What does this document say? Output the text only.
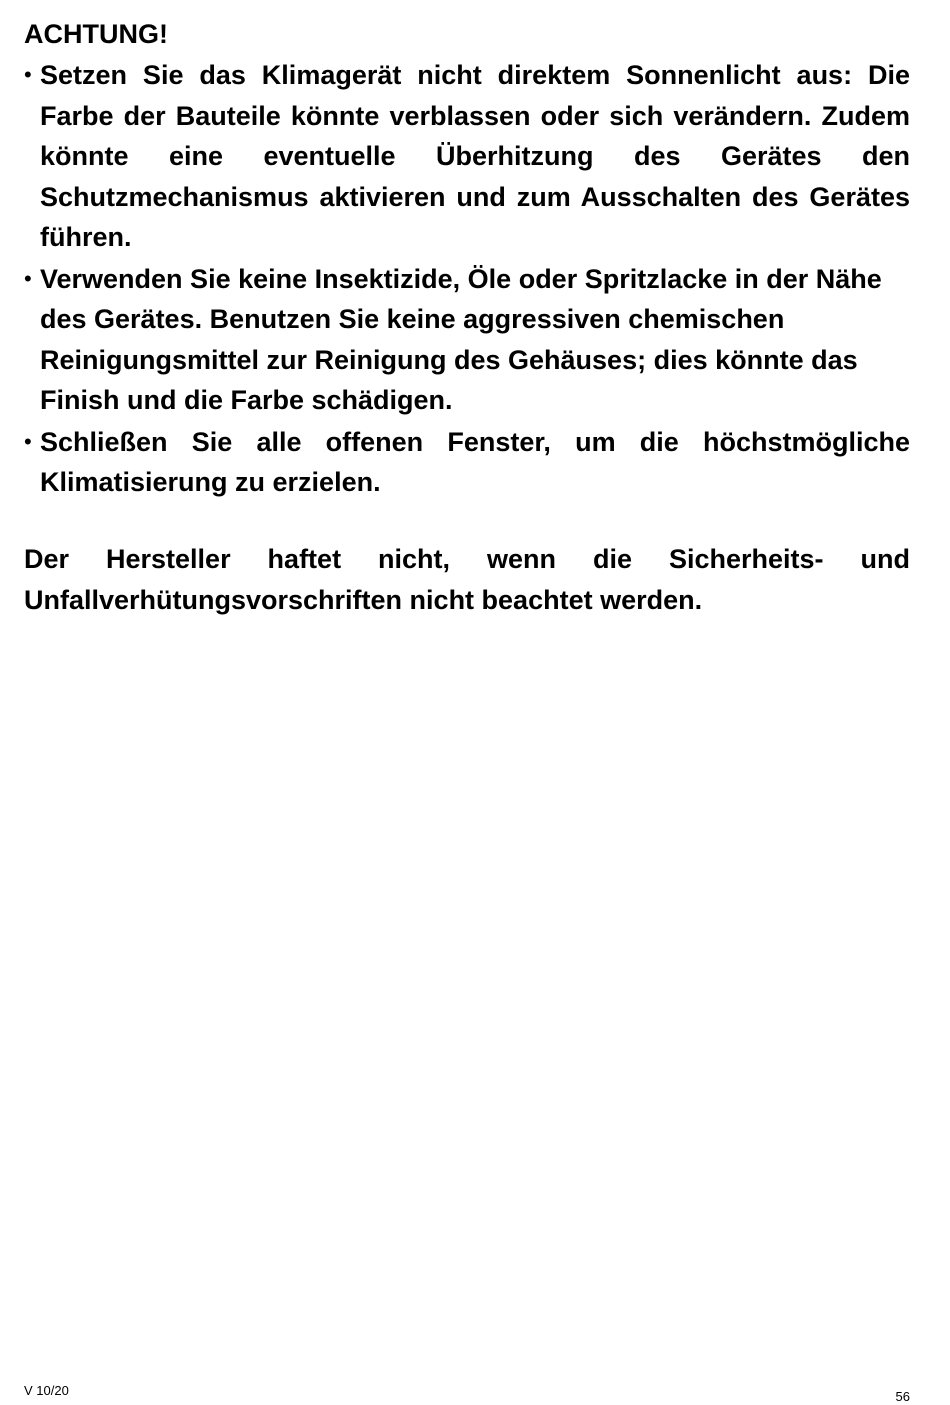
ACHTUNG!
• Setzen Sie das Klimagerät nicht direktem Sonnenlicht aus: Die Farbe der Bauteile könnte verblassen oder sich verändern. Zudem könnte eine eventuelle Überhitzung des Gerätes den Schutzmechanismus aktivieren und zum Ausschalten des Gerätes führen.
• Verwenden Sie keine Insektizide, Öle oder Spritzlacke in der Nähe des Gerätes. Benutzen Sie keine aggressiven chemischen Reinigungsmittel zur Reinigung des Gehäuses; dies könnte das Finish und die Farbe schädigen.
• Schließen Sie alle offenen Fenster, um die höchstmögliche Klimatisierung zu erzielen.

Der Hersteller haftet nicht, wenn die Sicherheits- und Unfallverhütungsvorschriften nicht beachtet werden.

V 10/20	56
